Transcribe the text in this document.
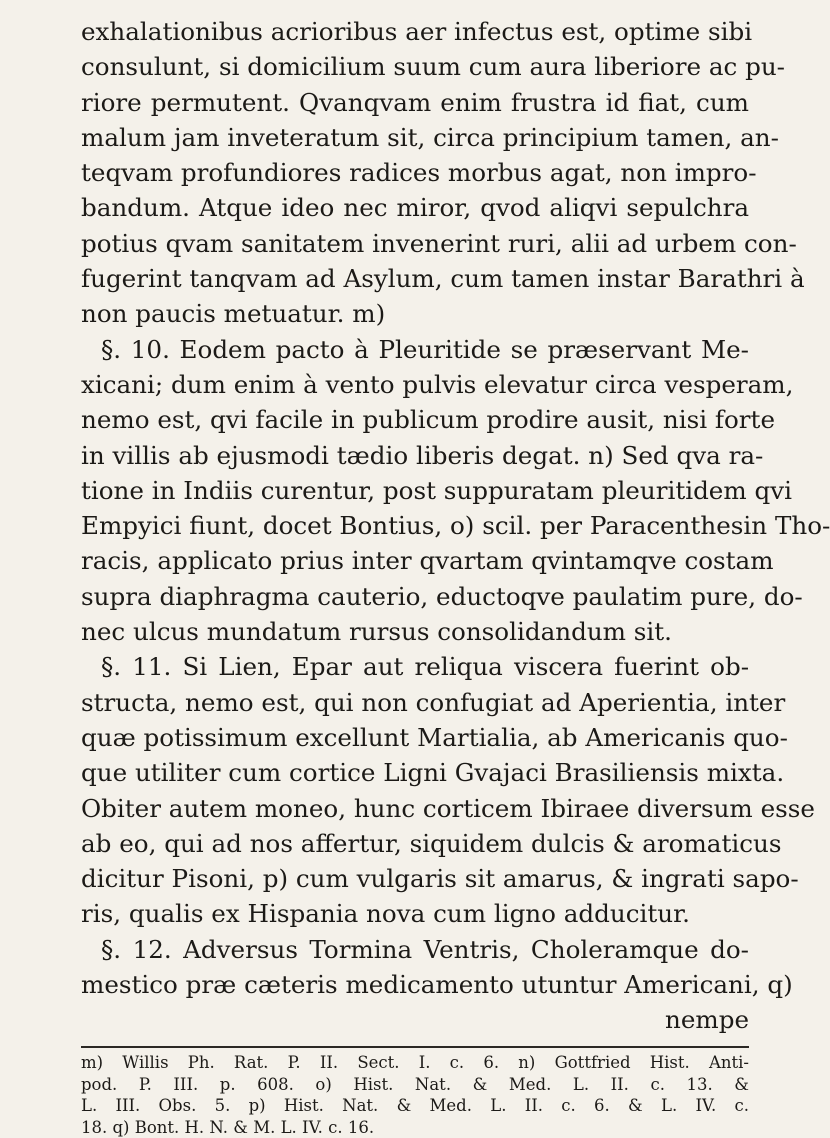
exhalationibus acrioribus aer infectus est, optime sibi
consulunt, si domicilium suum cum aura liberiore ac pu-
riore permutent. Qvanqvam enim frustra id fiat, cum
malum jam inveteratum sit, circa principium tamen, an-
teqvam profundiores radices morbus agat, non impro-
bandum. Atque ideo nec miror, qvod aliqvi sepulchra
potius qvam sanitatem invenerint ruri, alii ad urbem con-
fugerint tanqvam ad Asylum, cum tamen instar Barathri à
non paucis metuatur. m)
§. 10. Eodem pacto à Pleuritide se præservant Me-
xicani; dum enim à vento pulvis elevatur circa vesperam,
nemo est, qvi facile in publicum prodire ausit, nisi forte
in villis ab ejusmodi tædio liberis degat. n) Sed qva ra-
tione in Indiis curentur, post suppuratam pleuritidem qvi
Empyici fiunt, docet Bontius, o) scil. per Paracenthesin Tho-
racis, applicato prius inter qvartam qvintamqve costam
supra diaphragma cauterio, eductoqve paulatim pure, do-
nec ulcus mundatum rursus consolidandum sit.
§. 11. Si Lien, Epar aut reliqua viscera fuerint ob-
structa, nemo est, qui non confugiat ad Aperientia, inter
quæ potissimum excellunt Martialia, ab Americanis quo-
que utiliter cum cortice Ligni Gvajaci Brasiliensis mixta.
Obiter autem moneo, hunc corticem Ibiraee diversum esse
ab eo, qui ad nos affertur, siquidem dulcis & aromaticus
dicitur Pisoni, p) cum vulgaris sit amarus, & ingrati sapo-
ris, qualis ex Hispania nova cum ligno adducitur.
§. 12. Adversus Tormina Ventris, Choleramque do-
mestico præ cæteris medicamento utuntur Americani, q)
nempe
m) Willis Ph. Rat. P. II. Sect. I. c. 6. n) Gottfried Hist. Anti-
pod. P. III. p. 608. o) Hist. Nat. & Med. L. II. c. 13. &
L. III. Obs. 5. p) Hist. Nat. & Med. L. II. c. 6. & L. IV. c.
18. q) Bont. H. N. & M. L. IV. c. 16.
